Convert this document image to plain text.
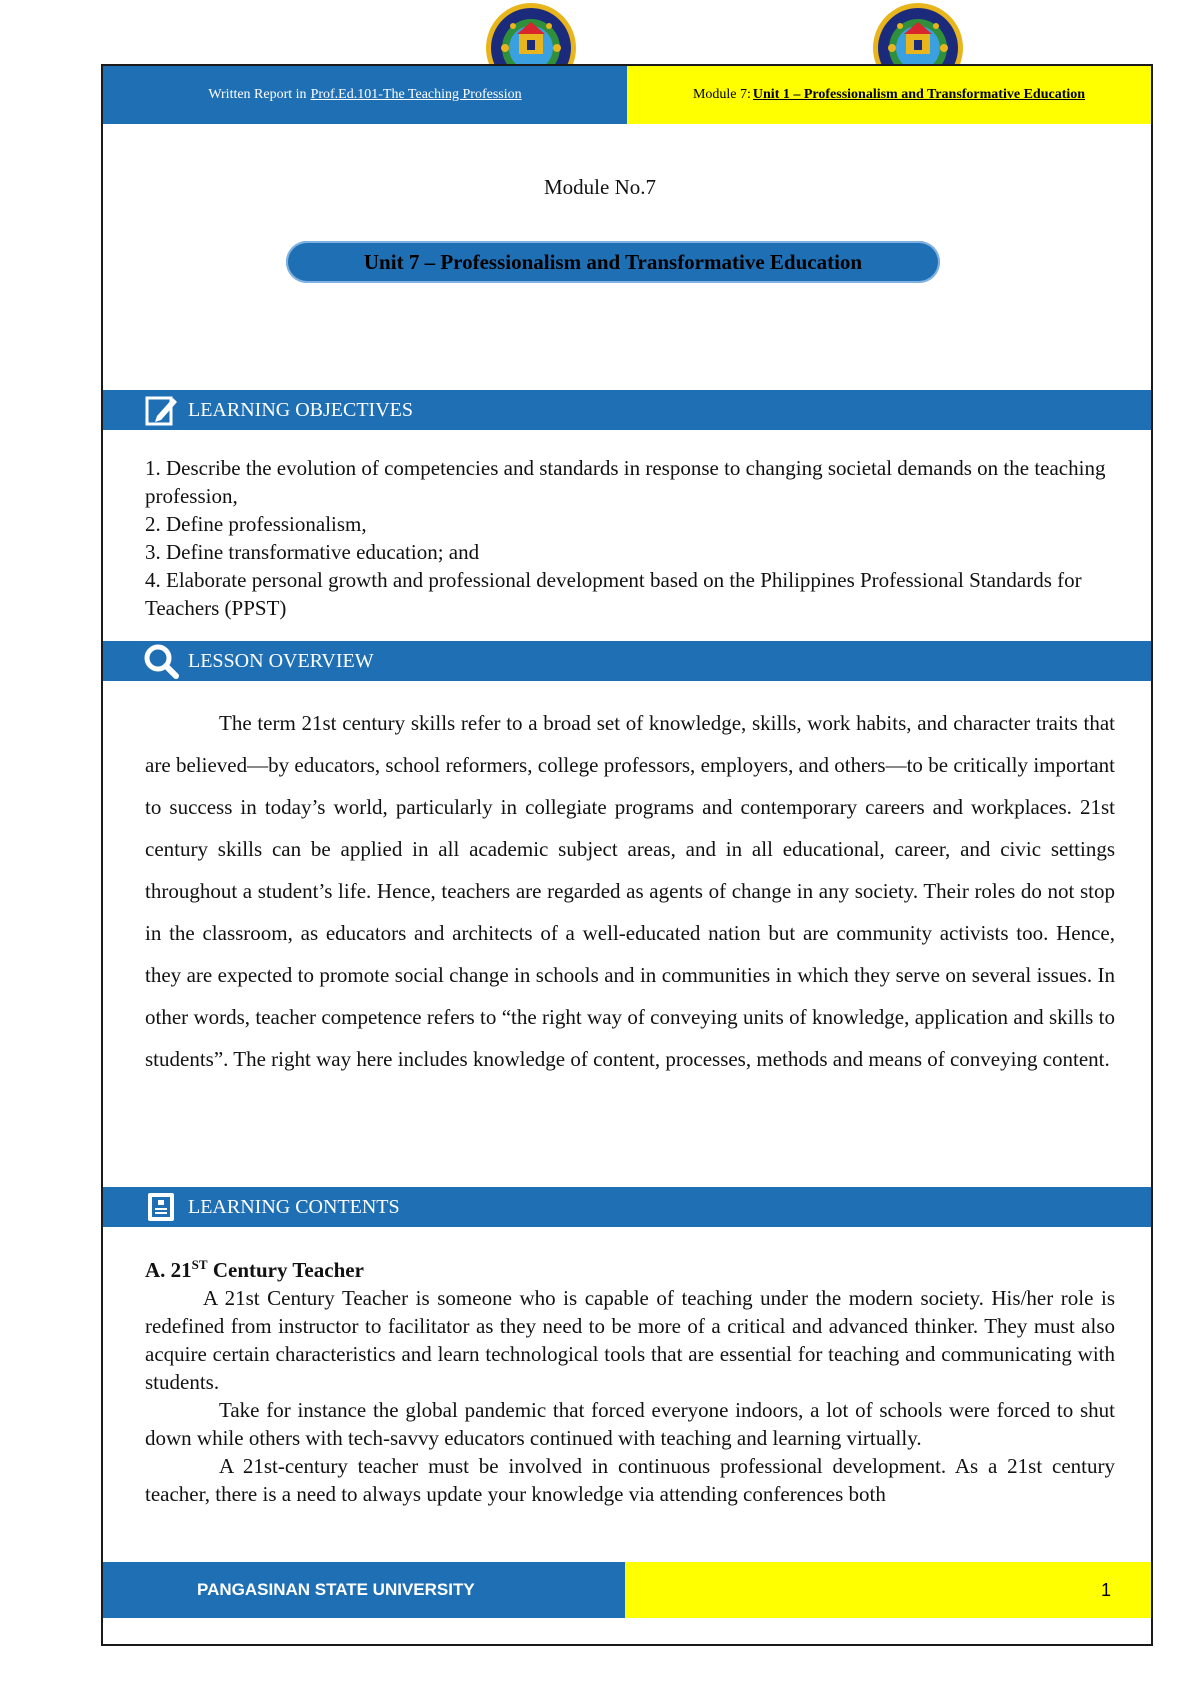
Written Report in Prof.Ed.101-The Teaching Profession	Module 7: Unit 1 – Professionalism and Transformative Education
Module No.7
Unit 7 – Professionalism and Transformative Education
LEARNING OBJECTIVES
1. Describe the evolution of competencies and standards in response to changing societal demands on the teaching profession,
2. Define professionalism,
3. Define transformative education; and
4. Elaborate personal growth and professional development based on the Philippines Professional Standards for Teachers (PPST)
LESSON OVERVIEW

The term 21st century skills refer to a broad set of knowledge, skills, work habits, and character traits that are believed—by educators, school reformers, college professors, employers, and others—to be critically important to success in today’s world, particularly in collegiate programs and contemporary careers and workplaces. 21st century skills can be applied in all academic subject areas, and in all educational, career, and civic settings throughout a student’s life. Hence, teachers are regarded as agents of change in any society. Their roles do not stop in the classroom, as educators and architects of a well-educated nation but are community activists too. Hence, they are expected to promote social change in schools and in communities in which they serve on several issues. In other words, teacher competence refers to “the right way of conveying units of knowledge, application and skills to students”. The right way here includes knowledge of content, processes, methods and means of conveying content.

LEARNING CONTENTS
A. 21ST Century Teacher

A 21st Century Teacher is someone who is capable of teaching under the modern society. His/her role is redefined from instructor to facilitator as they need to be more of a critical and advanced thinker. They must also acquire certain characteristics and learn technological tools that are essential for teaching and communicating with students.

Take for instance the global pandemic that forced everyone indoors, a lot of schools were forced to shut down while others with tech-savvy educators continued with teaching and learning virtually.

A 21st-century teacher must be involved in continuous professional development. As a 21st century teacher, there is a need to always update your knowledge via attending conferences both

PANGASINAN STATE UNIVERSITY	1
